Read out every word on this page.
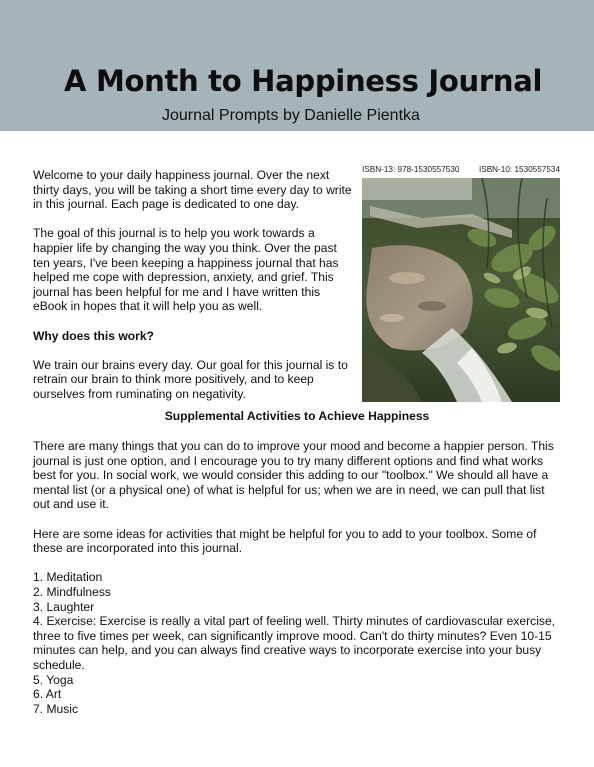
A Month to Happiness Journal
Journal Prompts by Danielle Pientka

Welcome to your daily happiness journal. Over the next thirty days, you will be taking a short time every day to write in this journal. Each page is dedicated to one day.

The goal of this journal is to help you work towards a happier life by changing the way you think. Over the past ten years, I've been keeping a happiness journal that has helped me cope with depression, anxiety, and grief. This journal has been helpful for me and I have written this eBook in hopes that it will help you as well.

Why does this work?

We train our brains every day. Our goal for this journal is to retrain our brain to think more positively, and to keep ourselves from ruminating on negativity.

ISBN-13: 978-1530557530 ISBN-10: 1530557534
Supplemental Activities to Achieve Happiness

There are many things that you can do to improve your mood and become a happier person. This journal is just one option, and I encourage you to try many different options and find what works best for you. In social work, we would consider this adding to our "toolbox." We should all have a mental list (or a physical one) of what is helpful for us; when we are in need, we can pull that list out and use it.

Here are some ideas for activities that might be helpful for you to add to your toolbox. Some of these are incorporated into this journal.

1. Meditation
2. Mindfulness
3. Laughter
4. Exercise: Exercise is really a vital part of feeling well. Thirty minutes of cardiovascular exercise, three to five times per week, can significantly improve mood. Can't do thirty minutes? Even 10-15 minutes can help, and you can always find creative ways to incorporate exercise into your busy schedule.
5. Yoga
6. Art
7. Music
